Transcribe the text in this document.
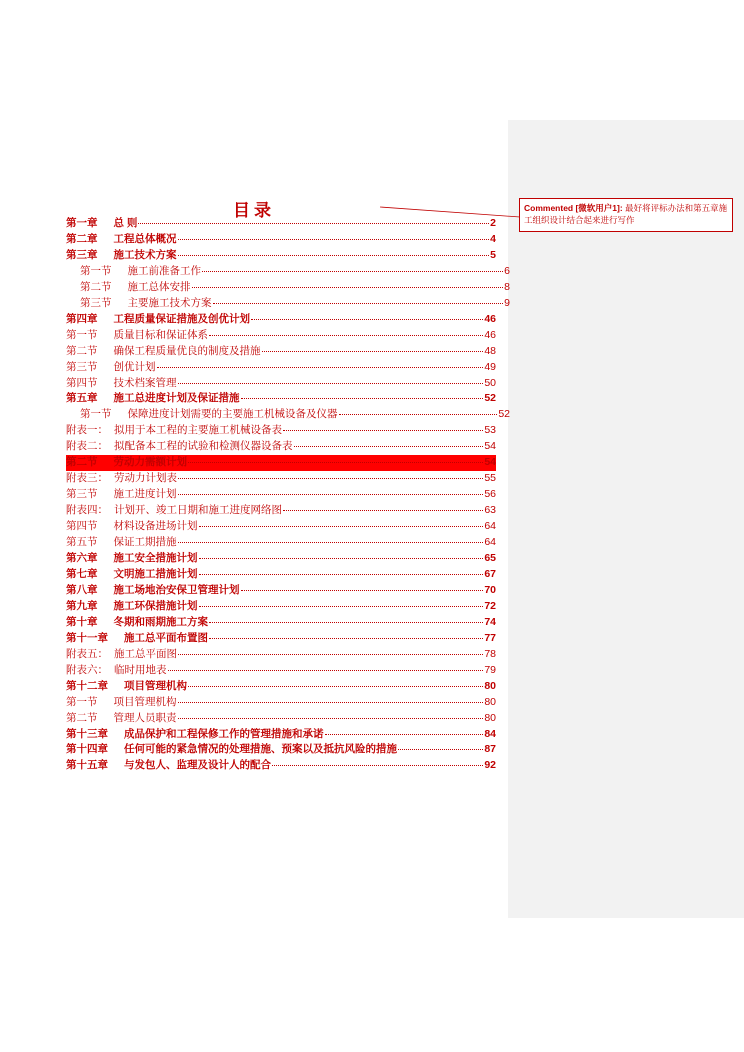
Commented [微软用户1]: 最好将评标办法和第五章施工组织设计结合起来进行写作
目录
第一章 总 则	2
第二章 工程总体概况	4
第三章 施工技术方案	5
第一节 施工前准备工作	6
第二节 施工总体安排	8
第三节 主要施工技术方案	9
第四章 工程质量保证措施及创优计划	46
第一节 质量目标和保证体系	46
第二节 确保工程质量优良的制度及措施	48
第三节 创优计划	49
第四节 技术档案管理	50
第五章 施工总进度计划及保证措施	52
第一节 保障进度计划需要的主要施工机械设备及仪器	52
附表一： 拟用于本工程的主要施工机械设备表	53
附表二： 拟配备本工程的试验和检测仪器设备表	54
第二节 劳动力需额计划	54
附表三： 劳动力计划表	55
第三节 施工进度计划	56
附表四： 计划开、竣工日期和施工进度网络图	63
第四节 材料设备进场计划	64
第五节 保证工期措施	64
第六章 施工安全措施计划	65
第七章 文明施工措施计划	67
第八章 施工场地治安保卫管理计划	70
第九章 施工环保措施计划	72
第十章 冬期和雨期施工方案	74
第十一章 施工总平面布置图	77
附表五： 施工总平面图	78
附表六： 临时用地表	79
第十二章 项目管理机构	80
第一节 项目管理机构	80
第二节 管理人员职责	80
第十三章 成品保护和工程保修工作的管理措施和承诺	84
第十四章 任何可能的紧急情况的处理措施、预案以及抵抗风险的措施	87
第十五章 与发包人、监理及设计人的配合	92
